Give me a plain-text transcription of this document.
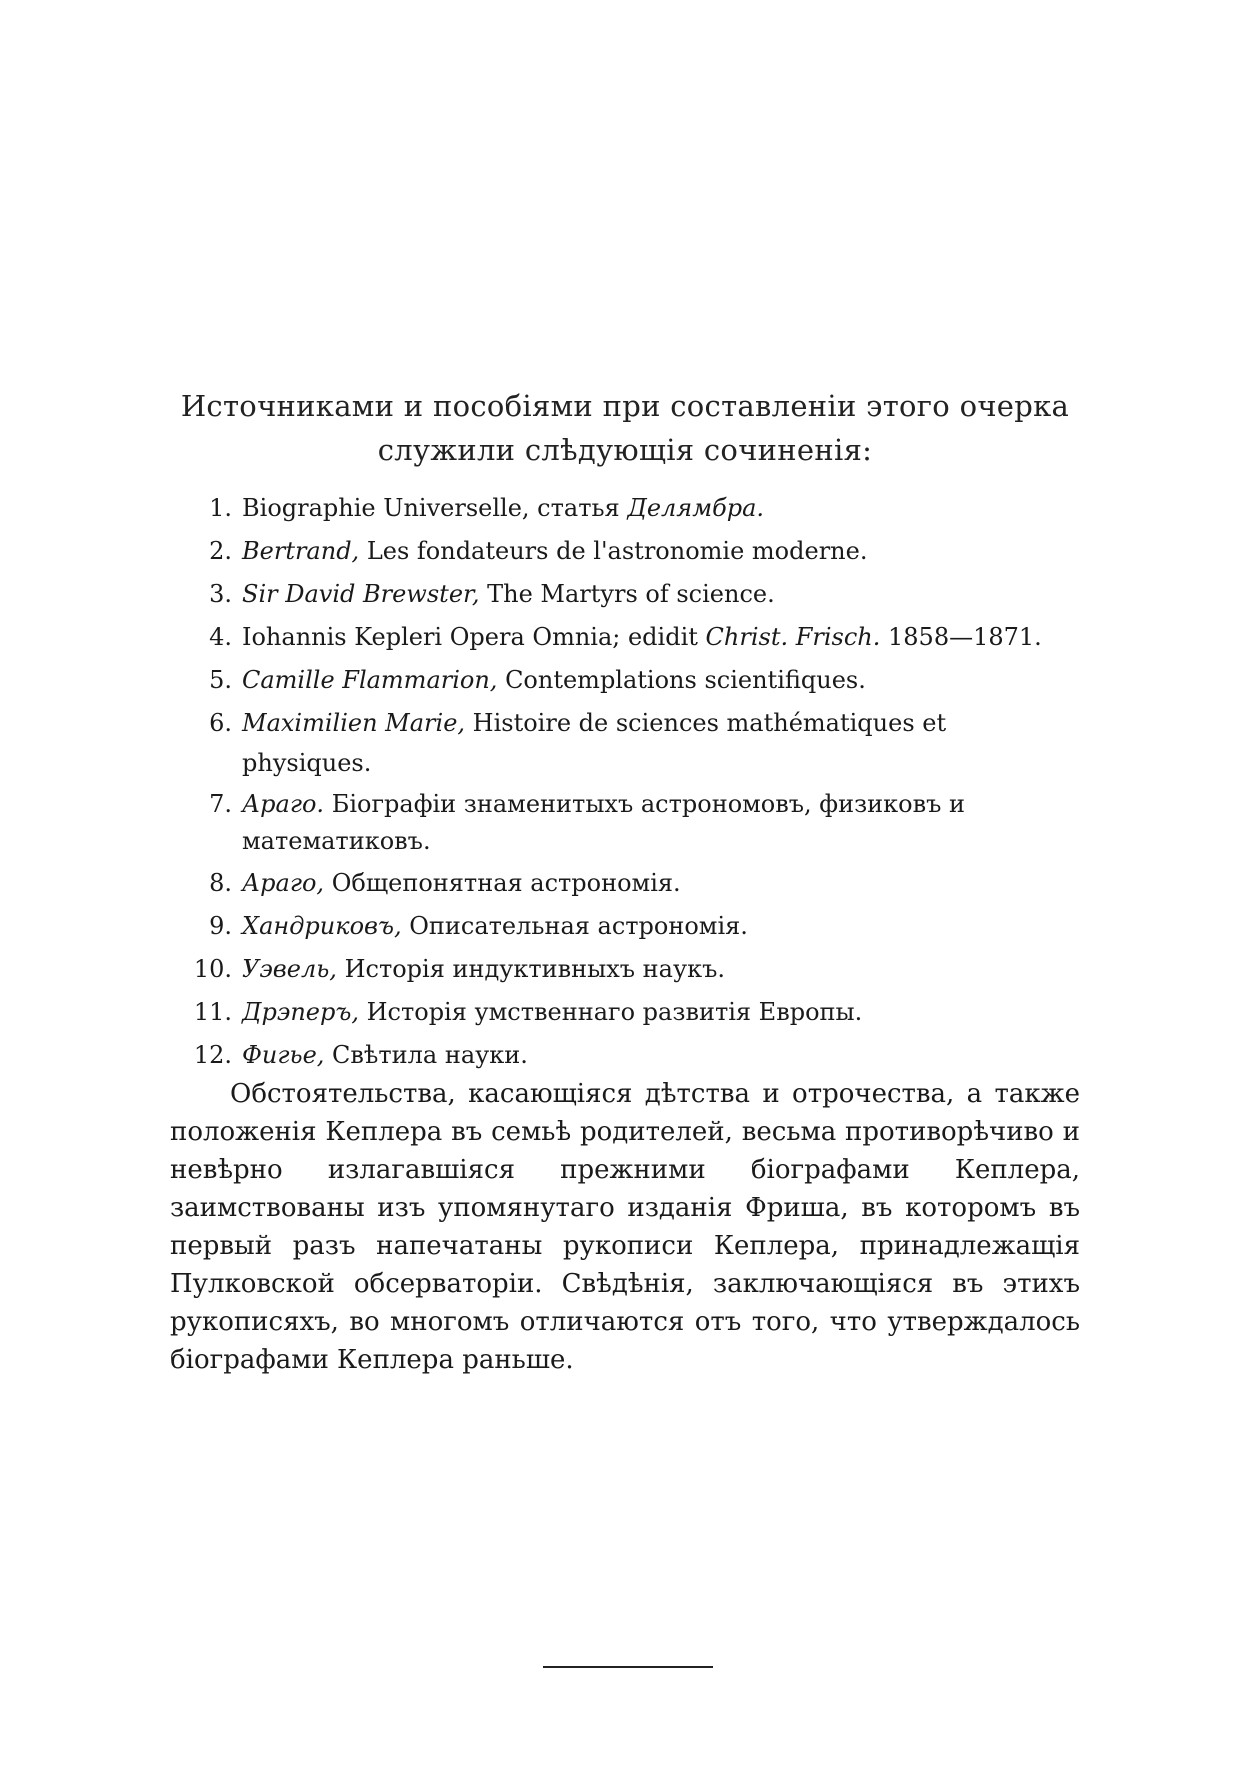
Источниками и пособіями при составленіи этого очерка служили слѣдующія сочиненія:
1. Biographie Universelle, статья Делямбра.
2. Bertrand, Les fondateurs de l'astronomie moderne.
3. Sir David Brewster, The Martyrs of science.
4. Iohannis Kepleri Opera Omnia; edidit Christ. Frisch. 1858—1871.
5. Camille Flammarion, Contemplations scientifiques.
6. Maximilien Marie, Histoire de sciences mathématiques et physiques.
7. Араго. Біографіи знаменитыхъ астрономовъ, физиковъ и математиковъ.
8. Араго, Общепонятная астрономія.
9. Хандриковъ, Описательная астрономія.
10. Уэвель, Исторія индуктивныхъ наукъ.
11. Дрэперъ, Исторія умственнаго развитія Европы.
12. Фигье, Свѣтила науки.

Обстоятельства, касающіяся дѣтства и отрочества, а также положенія Кеплера въ семьѣ родителей, весьма противорѣчиво и невѣрно излагавшіяся прежними біографами Кеплера, заимствованы изъ упомянутаго изданія Фриша, въ которомъ въ первый разъ напечатаны рукописи Кеплера, принадлежащія Пулковской обсерваторіи. Свѣдѣнія, заключающіяся въ этихъ рукописяхъ, во многомъ отличаются отъ того, что утверждалось біографами Кеплера раньше.
